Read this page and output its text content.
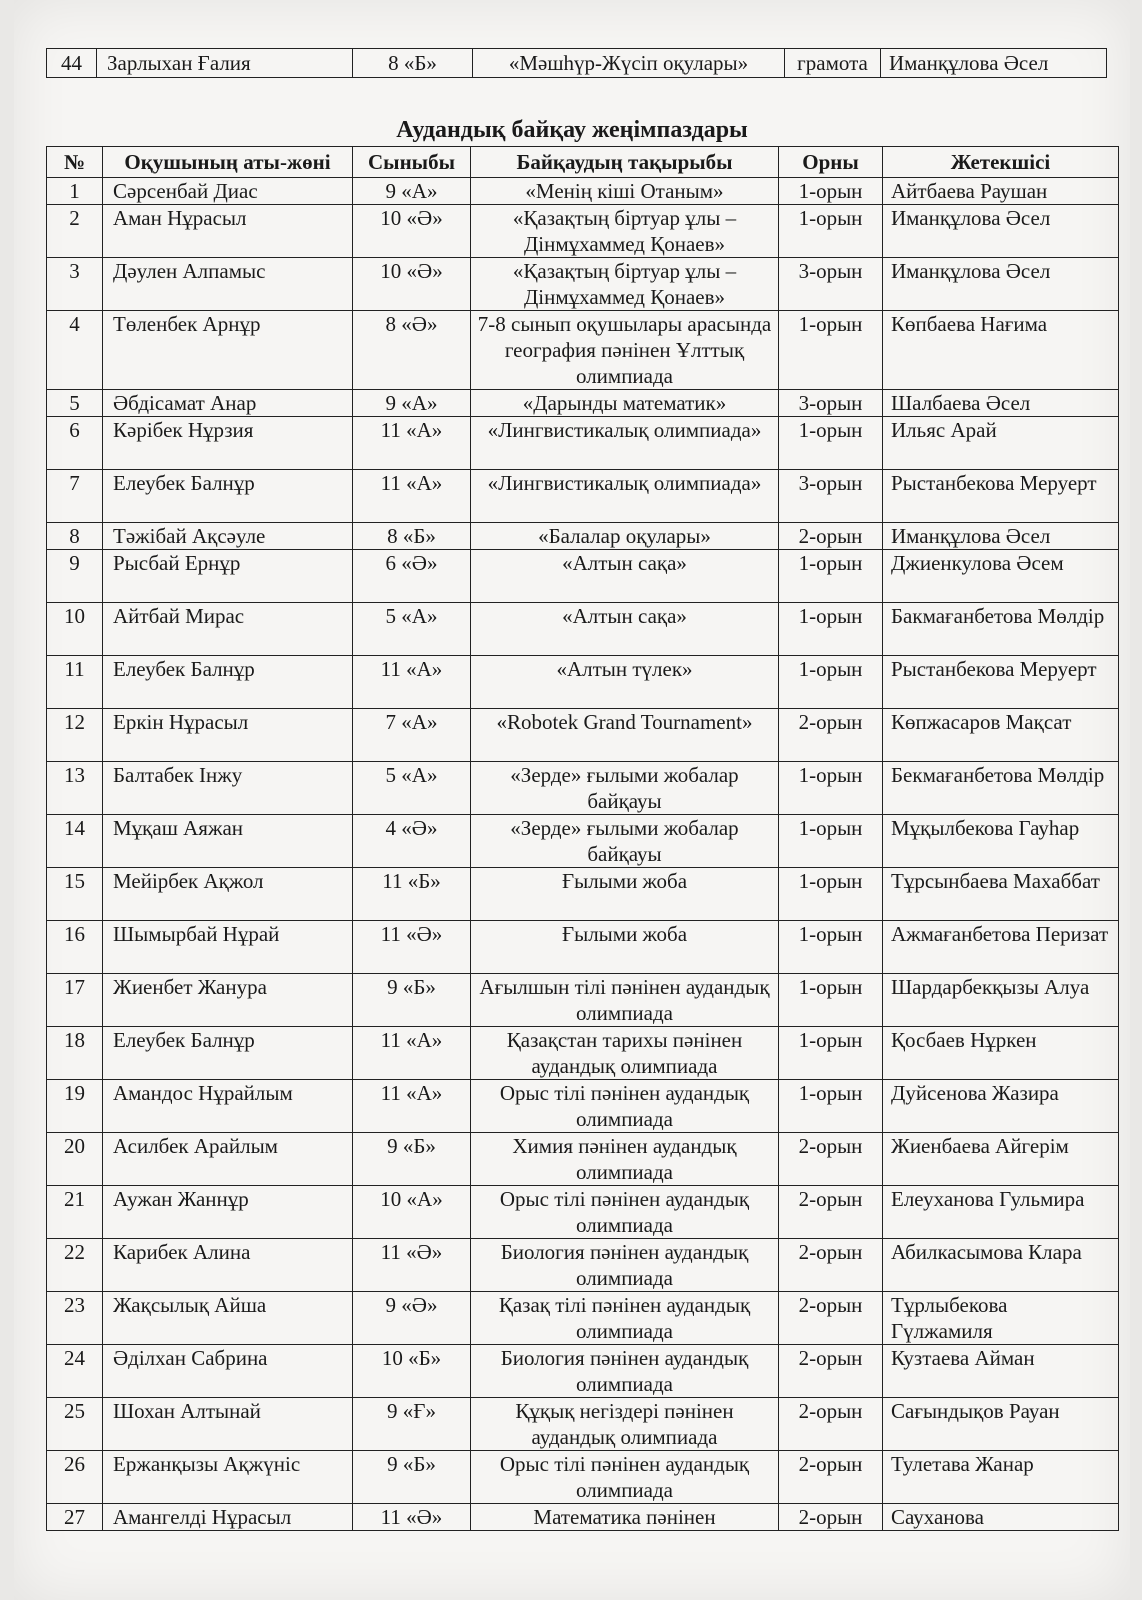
44	Зарлыхан Ғалия	8 «Б»	«Мәшһүр-Жүсіп оқулары»	грамота	Иманқұлова Әсел
Аудандық байқау жеңімпаздары
№	Оқушының аты-жөні	Сыныбы	Байқаудың тақырыбы	Орны	Жетекшісі
1	Сәрсенбай Диас	9 «А»	«Менің кіші Отаным»	1-орын	Айтбаева Раушан
2	Аман Нұрасыл	10 «Ә»	«Қазақтың біртуар ұлы – Дінмұхаммед Қонаев»	1-орын	Иманқұлова Әсел
3	Дәулен Алпамыс	10 «Ә»	«Қазақтың біртуар ұлы – Дінмұхаммед Қонаев»	3-орын	Иманқұлова Әсел
4	Төленбек Арнұр	8 «Ә»	7-8 сынып оқушылары арасында география пәнінен Ұлттық олимпиада	1-орын	Көпбаева Нағима
5	Әбдісамат Анар	9 «А»	«Дарынды математик»	3-орын	Шалбаева Әсел
6	Кәрібек Нұрзия	11 «А»	«Лингвистикалық олимпиада»	1-орын	Ильяс Арай
7	Елеубек Балнұр	11 «А»	«Лингвистикалық олимпиада»	3-орын	Рыстанбекова Меруерт
8	Тәжібай Ақсәуле	8 «Б»	«Балалар оқулары»	2-орын	Иманқұлова Әсел
9	Рысбай Ернұр	6 «Ә»	«Алтын сақа»	1-орын	Джиенкулова Әсем
10	Айтбай Мирас	5 «А»	«Алтын сақа»	1-орын	Бакмағанбетова Мөлдір
11	Елеубек Балнұр	11 «А»	«Алтын түлек»	1-орын	Рыстанбекова Меруерт
12	Еркін Нұрасыл	7 «А»	«Robotek Grand Tournament»	2-орын	Көпжасаров Мақсат
13	Балтабек Інжу	5 «А»	«Зерде» ғылыми жобалар байқауы	1-орын	Бекмағанбетова Мөлдір
14	Мұқаш Аяжан	4 «Ә»	«Зерде» ғылыми жобалар байқауы	1-орын	Мұқылбекова Гауһар
15	Мейірбек Ақжол	11 «Б»	Ғылыми жоба	1-орын	Тұрсынбаева Махаббат
16	Шымырбай Нұрай	11 «Ә»	Ғылыми жоба	1-орын	Ажмағанбетова Перизат
17	Жиенбет Жанура	9 «Б»	Ағылшын тілі пәнінен аудандық олимпиада	1-орын	Шардарбекқызы Алуа
18	Елеубек Балнұр	11 «А»	Қазақстан тарихы пәнінен аудандық олимпиада	1-орын	Қосбаев Нұркен
19	Амандос Нұрайлым	11 «А»	Орыс тілі пәнінен аудандық олимпиада	1-орын	Дуйсенова Жазира
20	Асилбек Арайлым	9 «Б»	Химия пәнінен аудандық олимпиада	2-орын	Жиенбаева Айгерім
21	Аужан Жаннұр	10 «А»	Орыс тілі пәнінен аудандық олимпиада	2-орын	Елеуханова Гульмира
22	Карибек Алина	11 «Ә»	Биология пәнінен аудандық олимпиада	2-орын	Абилкасымова Клара
23	Жақсылық Айша	9 «Ә»	Қазақ тілі пәнінен аудандық олимпиада	2-орын	Тұрлыбекова Гүлжамиля
24	Әділхан Сабрина	10 «Б»	Биология пәнінен аудандық олимпиада	2-орын	Кузтаева Айман
25	Шохан Алтынай	9 «Ғ»	Құқық негіздері пәнінен аудандық олимпиада	2-орын	Сағындықов Рауан
26	Ержанқызы Ақжүніс	9 «Б»	Орыс тілі пәнінен аудандық олимпиада	2-орын	Тулетава Жанар
27	Амангелді Нұрасыл	11 «Ә»	Математика пәнінен	2-орын	Сауханова
